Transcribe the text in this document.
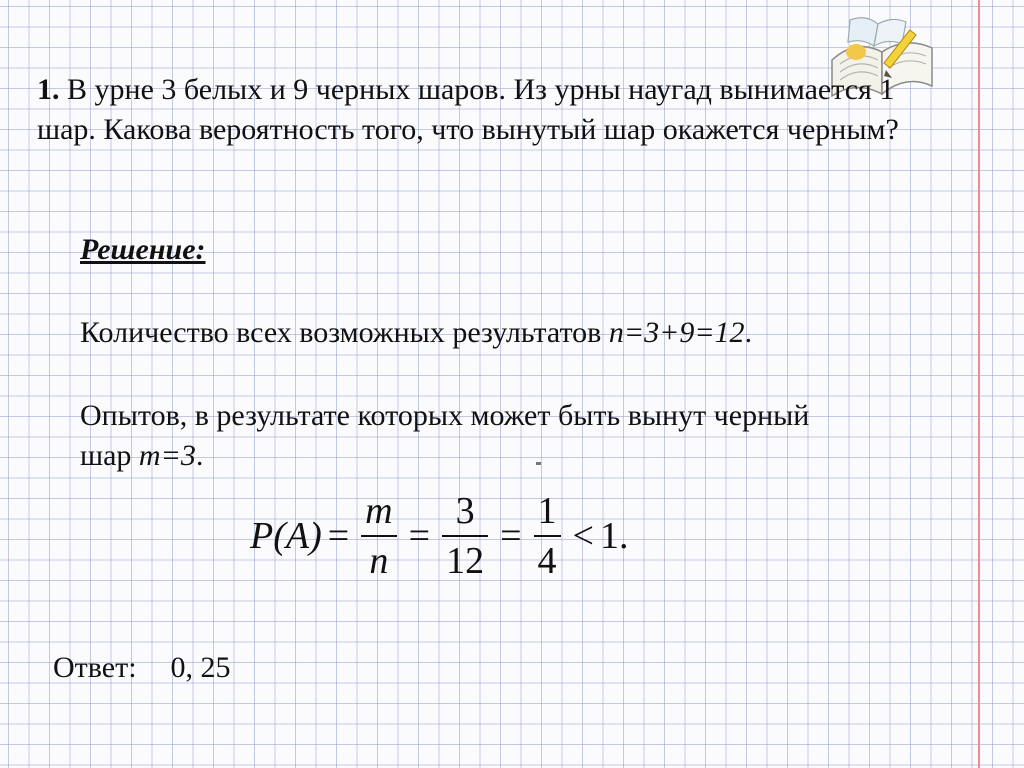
1. В урне 3 белых и 9 черных шаров. Из урны наугад вынимается 1 шар. Какова вероятность того, что вынутый шар окажется черным?
Решение:
Количество всех возможных результатов n=3+9=12.
Опытов, в результате которых может быть вынут черный шар m=3.
$P(A) = \frac{m}{n} = \frac{3}{12} = \frac{1}{4} < 1$.
Ответ: 0, 25
